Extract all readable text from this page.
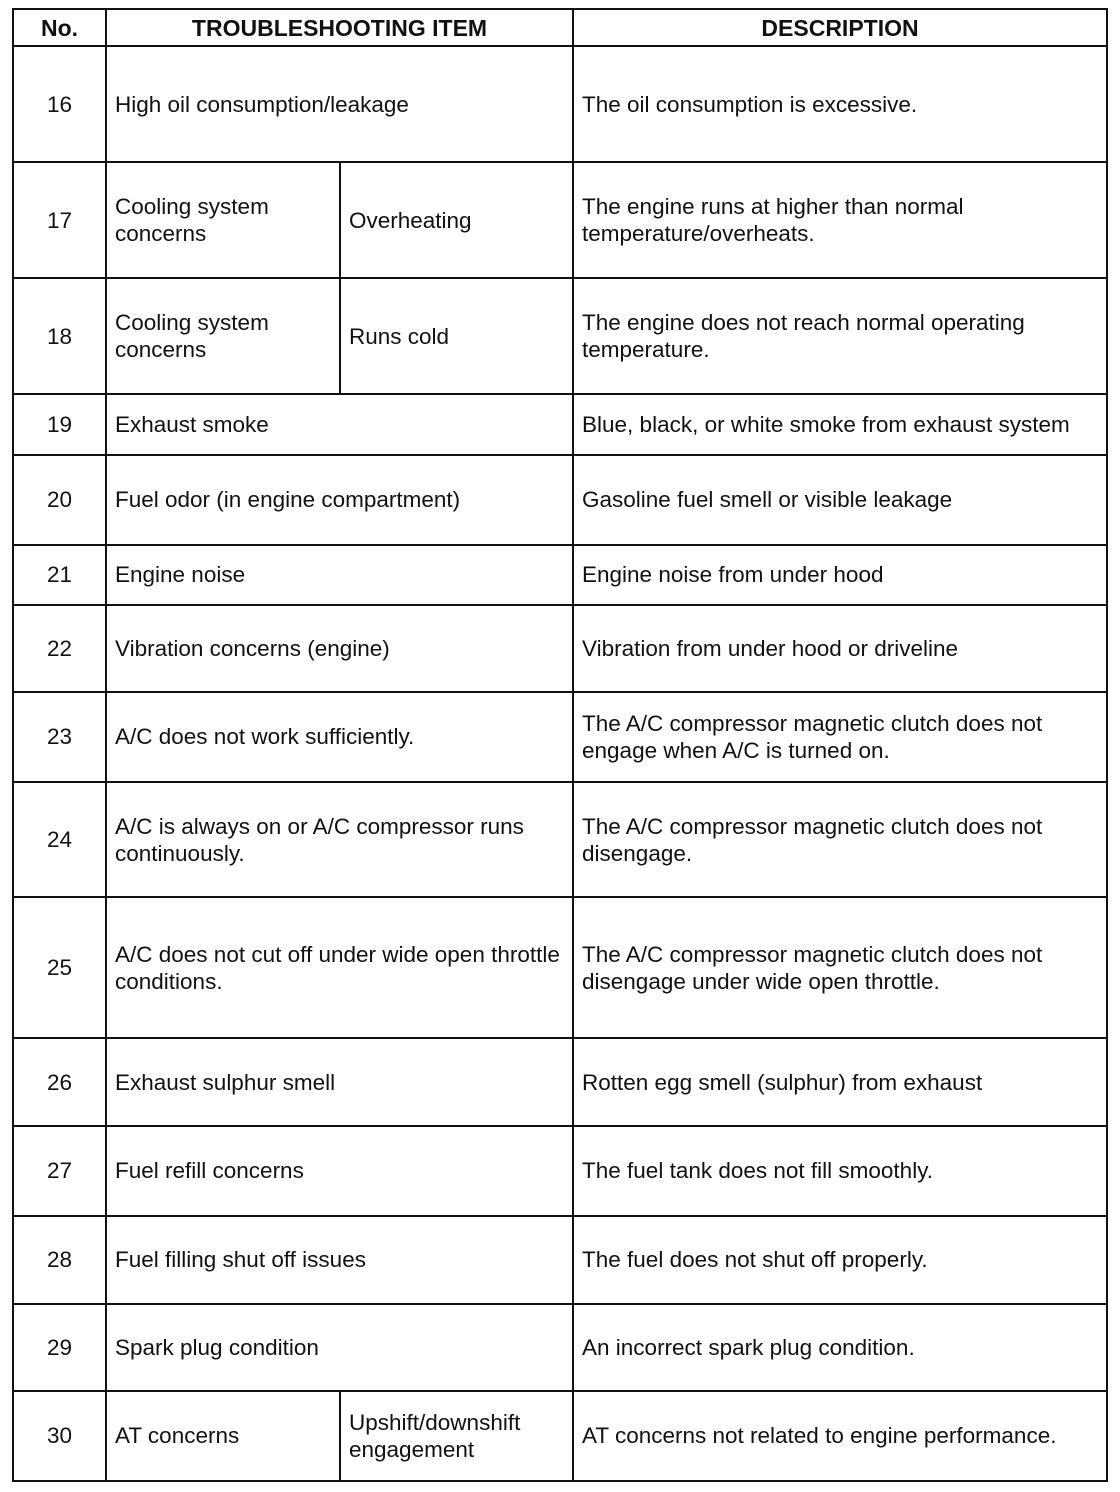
No.	TROUBLESHOOTING ITEM		DESCRIPTION
16	High oil consumption/leakage		The oil consumption is excessive.
17	Cooling system concerns	Overheating	The engine runs at higher than normal temperature/overheats.
18	Cooling system concerns	Runs cold	The engine does not reach normal operating temperature.
19	Exhaust smoke		Blue, black, or white smoke from exhaust system
20	Fuel odor (in engine compartment)		Gasoline fuel smell or visible leakage
21	Engine noise		Engine noise from under hood
22	Vibration concerns (engine)		Vibration from under hood or driveline
23	A/C does not work sufficiently.		The A/C compressor magnetic clutch does not engage when A/C is turned on.
24	A/C is always on or A/C compressor runs continuously.		The A/C compressor magnetic clutch does not disengage.
25	A/C does not cut off under wide open throttle conditions.		The A/C compressor magnetic clutch does not disengage under wide open throttle.
26	Exhaust sulphur smell		Rotten egg smell (sulphur) from exhaust
27	Fuel refill concerns		The fuel tank does not fill smoothly.
28	Fuel filling shut off issues		The fuel does not shut off properly.
29	Spark plug condition		An incorrect spark plug condition.
30	AT concerns	Upshift/downshift engagement	AT concerns not related to engine performance.
